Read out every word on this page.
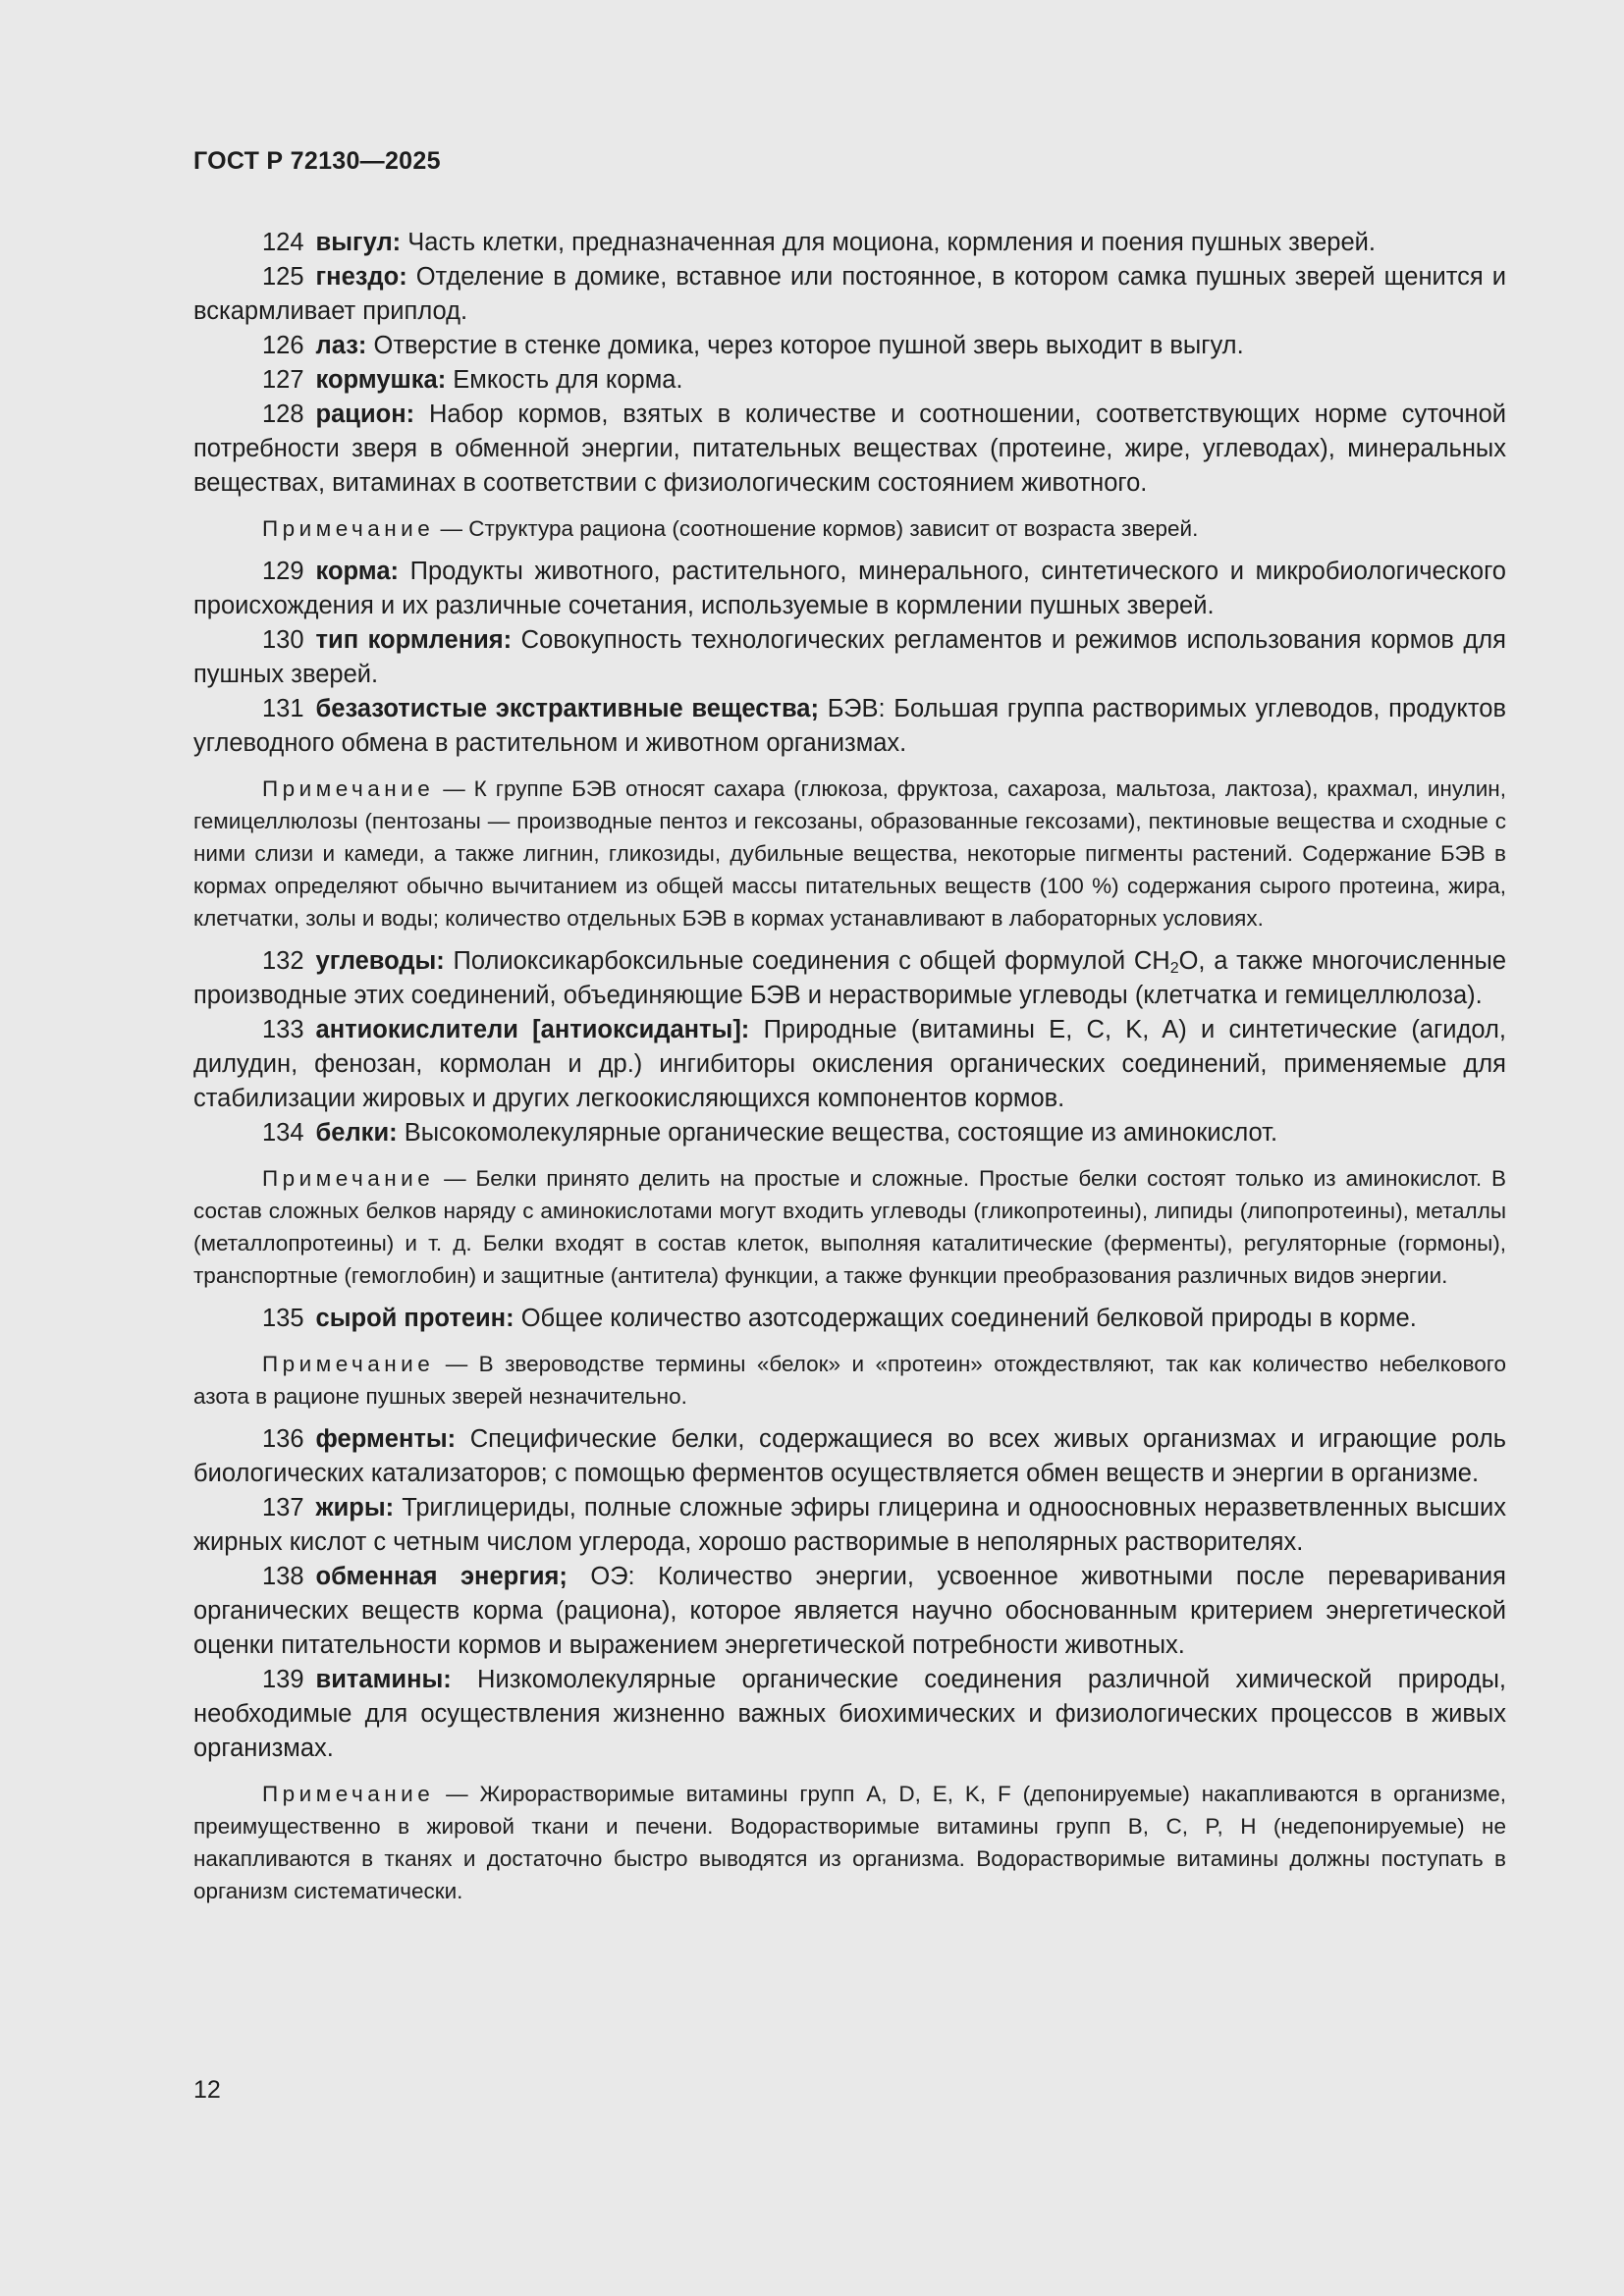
ГОСТ Р 72130—2025

124 выгул: Часть клетки, предназначенная для моциона, кормления и поения пушных зверей.

125 гнездо: Отделение в домике, вставное или постоянное, в котором самка пушных зверей щенится и вскармливает приплод.

126 лаз: Отверстие в стенке домика, через которое пушной зверь выходит в выгул.

127 кормушка: Емкость для корма.

128 рацион: Набор кормов, взятых в количестве и соотношении, соответствующих норме суточной потребности зверя в обменной энергии, питательных веществах (протеине, жире, углеводах), минеральных веществах, витаминах в соответствии с физиологическим состоянием животного.

Примечание — Структура рациона (соотношение кормов) зависит от возраста зверей.

129 корма: Продукты животного, растительного, минерального, синтетического и микробиологического происхождения и их различные сочетания, используемые в кормлении пушных зверей.

130 тип кормления: Совокупность технологических регламентов и режимов использования кормов для пушных зверей.

131 безазотистые экстрактивные вещества; БЭВ: Большая группа растворимых углеводов, продуктов углеводного обмена в растительном и животном организмах.

Примечание — К группе БЭВ относят сахара (глюкоза, фруктоза, сахароза, мальтоза, лактоза), крахмал, инулин, гемицеллюлозы (пентозаны — производные пентоз и гексозаны, образованные гексозами), пектиновые вещества и сходные с ними слизи и камеди, а также лигнин, гликозиды, дубильные вещества, некоторые пигменты растений. Содержание БЭВ в кормах определяют обычно вычитанием из общей массы питательных веществ (100 %) содержания сырого протеина, жира, клетчатки, золы и воды; количество отдельных БЭВ в кормах устанавливают в лабораторных условиях.

132 углеводы: Полиоксикарбоксильные соединения с общей формулой $CH_2O$, а также многочисленные производные этих соединений, объединяющие БЭВ и нерастворимые углеводы (клетчатка и гемицеллюлоза).

133 антиокислители [антиоксиданты]: Природные (витамины E, C, K, A) и синтетические (агидол, дилудин, фенозан, кормолан и др.) ингибиторы окисления органических соединений, применяемые для стабилизации жировых и других легкоокисляющихся компонентов кормов.

134 белки: Высокомолекулярные органические вещества, состоящие из аминокислот.

Примечание — Белки принято делить на простые и сложные. Простые белки состоят только из аминокислот. В состав сложных белков наряду с аминокислотами могут входить углеводы (гликопротеины), липиды (липопротеины), металлы (металлопротеины) и т. д. Белки входят в состав клеток, выполняя каталитические (ферменты), регуляторные (гормоны), транспортные (гемоглобин) и защитные (антитела) функции, а также функции преобразования различных видов энергии.

135 сырой протеин: Общее количество азотсодержащих соединений белковой природы в корме.

Примечание — В звероводстве термины «белок» и «протеин» отождествляют, так как количество небелкового азота в рационе пушных зверей незначительно.

136 ферменты: Специфические белки, содержащиеся во всех живых организмах и играющие роль биологических катализаторов; с помощью ферментов осуществляется обмен веществ и энергии в организме.

137 жиры: Триглицериды, полные сложные эфиры глицерина и одноосновных неразветвленных высших жирных кислот с четным числом углерода, хорошо растворимые в неполярных растворителях.

138 обменная энергия; ОЭ: Количество энергии, усвоенное животными после переваривания органических веществ корма (рациона), которое является научно обоснованным критерием энергетической оценки питательности кормов и выражением энергетической потребности животных.

139 витамины: Низкомолекулярные органические соединения различной химической природы, необходимые для осуществления жизненно важных биохимических и физиологических процессов в живых организмах.

Примечание — Жирорастворимые витамины групп A, D, E, K, F (депонируемые) накапливаются в организме, преимущественно в жировой ткани и печени. Водорастворимые витамины групп B, C, P, H (недепонируемые) не накапливаются в тканях и достаточно быстро выводятся из организма. Водорастворимые витамины должны поступать в организм систематически.

12
